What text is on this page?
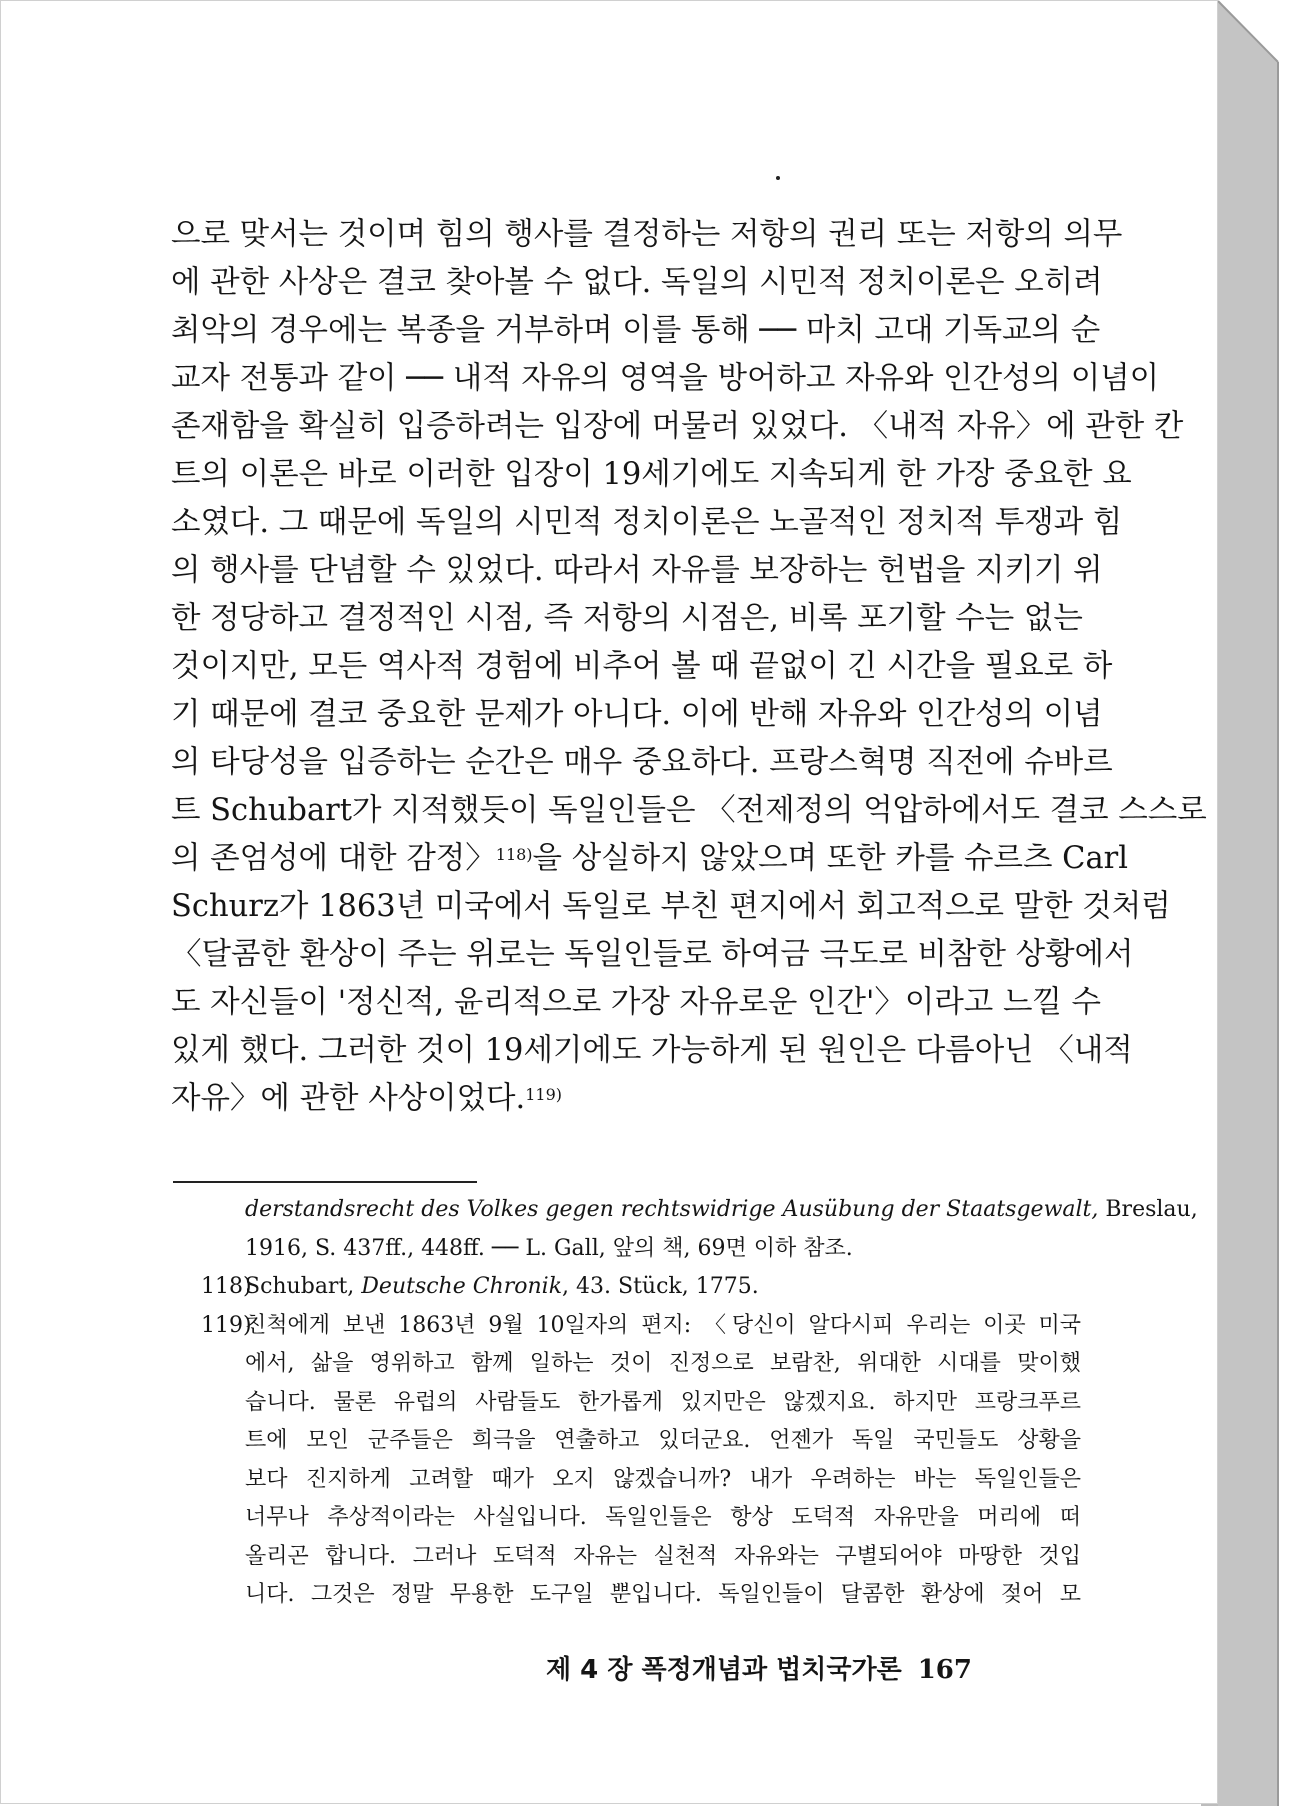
으로 맞서는 것이며 힘의 행사를 결정하는 저항의 권리 또는 저항의 의무
에 관한 사상은 결코 찾아볼 수 없다. 독일의 시민적 정치이론은 오히려
최악의 경우에는 복종을 거부하며 이를 통해 ── 마치 고대 기독교의 순
교자 전통과 같이 ── 내적 자유의 영역을 방어하고 자유와 인간성의 이념이
존재함을 확실히 입증하려는 입장에 머물러 있었다. 〈내적 자유〉에 관한 칸
트의 이론은 바로 이러한 입장이 19세기에도 지속되게 한 가장 중요한 요
소였다. 그 때문에 독일의 시민적 정치이론은 노골적인 정치적 투쟁과 힘
의 행사를 단념할 수 있었다. 따라서 자유를 보장하는 헌법을 지키기 위
한 정당하고 결정적인 시점, 즉 저항의 시점은, 비록 포기할 수는 없는
것이지만, 모든 역사적 경험에 비추어 볼 때 끝없이 긴 시간을 필요로 하
기 때문에 결코 중요한 문제가 아니다. 이에 반해 자유와 인간성의 이념
의 타당성을 입증하는 순간은 매우 중요하다. 프랑스혁명 직전에 슈바르
트 Schubart가 지적했듯이 독일인들은 〈전제정의 억압하에서도 결코 스스로
의 존엄성에 대한 감정〉$^{118)}$을 상실하지 않았으며 또한 카를 슈르츠 Carl
Schurz가 1863년 미국에서 독일로 부친 편지에서 회고적으로 말한 것처럼
〈달콤한 환상이 주는 위로는 독일인들로 하여금 극도로 비참한 상황에서
도 자신들이 '정신적, 윤리적으로 가장 자유로운 인간'〉이라고 느낄 수
있게 했다. 그러한 것이 19세기에도 가능하게 된 원인은 다름아닌 〈내적
자유〉에 관한 사상이었다.$^{119)}$
derstandsrecht des Volkes gegen rechtswidrige Ausübung der Staatsgewalt, Breslau,
1916, S. 437ff., 448ff. ── L. Gall, 앞의 책, 69면 이하 참조.
118)Schubart, Deutsche Chronik, 43. Stück, 1775.
119)친척에게 보낸 1863년 9월 10일자의 편지: 〈당신이 알다시피 우리는 이곳 미국
에서, 삶을 영위하고 함께 일하는 것이 진정으로 보람찬, 위대한 시대를 맞이했
습니다. 물론 유럽의 사람들도 한가롭게 있지만은 않겠지요. 하지만 프랑크푸르
트에 모인 군주들은 희극을 연출하고 있더군요. 언젠가 독일 국민들도 상황을
보다 진지하게 고려할 때가 오지 않겠습니까? 내가 우려하는 바는 독일인들은
너무나 추상적이라는 사실입니다. 독일인들은 항상 도덕적 자유만을 머리에 떠
올리곤 합니다. 그러나 도덕적 자유는 실천적 자유와는 구별되어야 마땅한 것입
니다. 그것은 정말 무용한 도구일 뿐입니다. 독일인들이 달콤한 환상에 젖어 모
제 4 장 폭정개념과 법치국가론 167
